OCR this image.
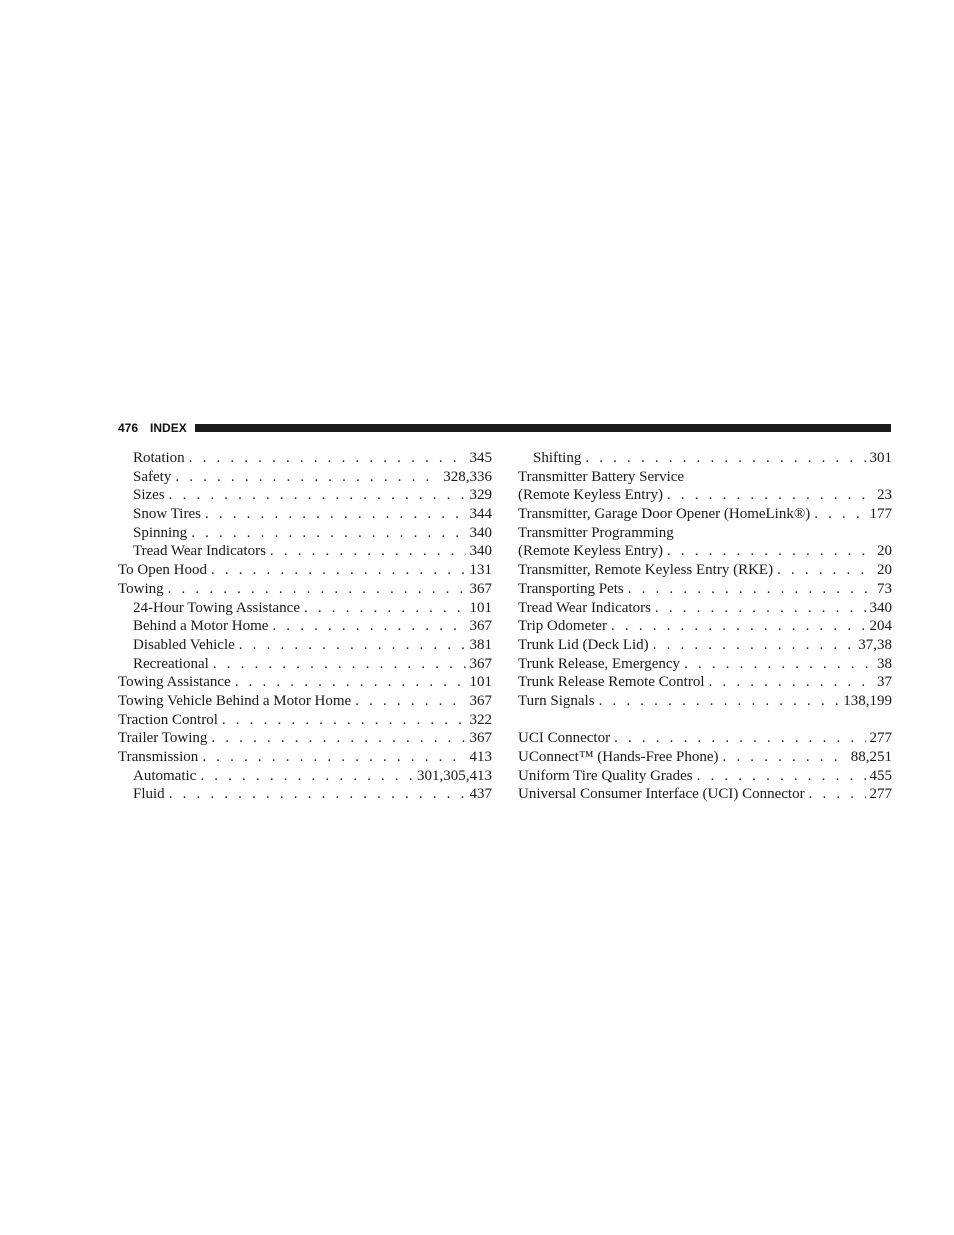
476 INDEX
Rotation . . .	345
Safety . . .	328,336
Sizes . . .	329
Snow Tires . . .	344
Spinning . . .	340
Tread Wear Indicators . . .	340
To Open Hood . . .	131
Towing . . .	367
24-Hour Towing Assistance . . .	101
Behind a Motor Home . . .	367
Disabled Vehicle . . .	381
Recreational . . .	367
Towing Assistance . . .	101
Towing Vehicle Behind a Motor Home . . .	367
Traction Control . . .	322
Trailer Towing . . .	367
Transmission . . .	413
Automatic . . .	301,305,413
Fluid . . .	437
Shifting . . .	301
Transmitter Battery Service
(Remote Keyless Entry) . . .	23
Transmitter, Garage Door Opener (HomeLink®) . . .	177
Transmitter Programming
(Remote Keyless Entry) . . .	20
Transmitter, Remote Keyless Entry (RKE) . . .	20
Transporting Pets . . .	73
Tread Wear Indicators . . .	340
Trip Odometer . . .	204
Trunk Lid (Deck Lid) . . .	37,38
Trunk Release, Emergency . . .	38
Trunk Release Remote Control . . .	37
Turn Signals . . .	138,199
UCI Connector . . .	277
UConnect™ (Hands-Free Phone) . . .	88,251
Uniform Tire Quality Grades . . .	455
Universal Consumer Interface (UCI) Connector . . .	277
